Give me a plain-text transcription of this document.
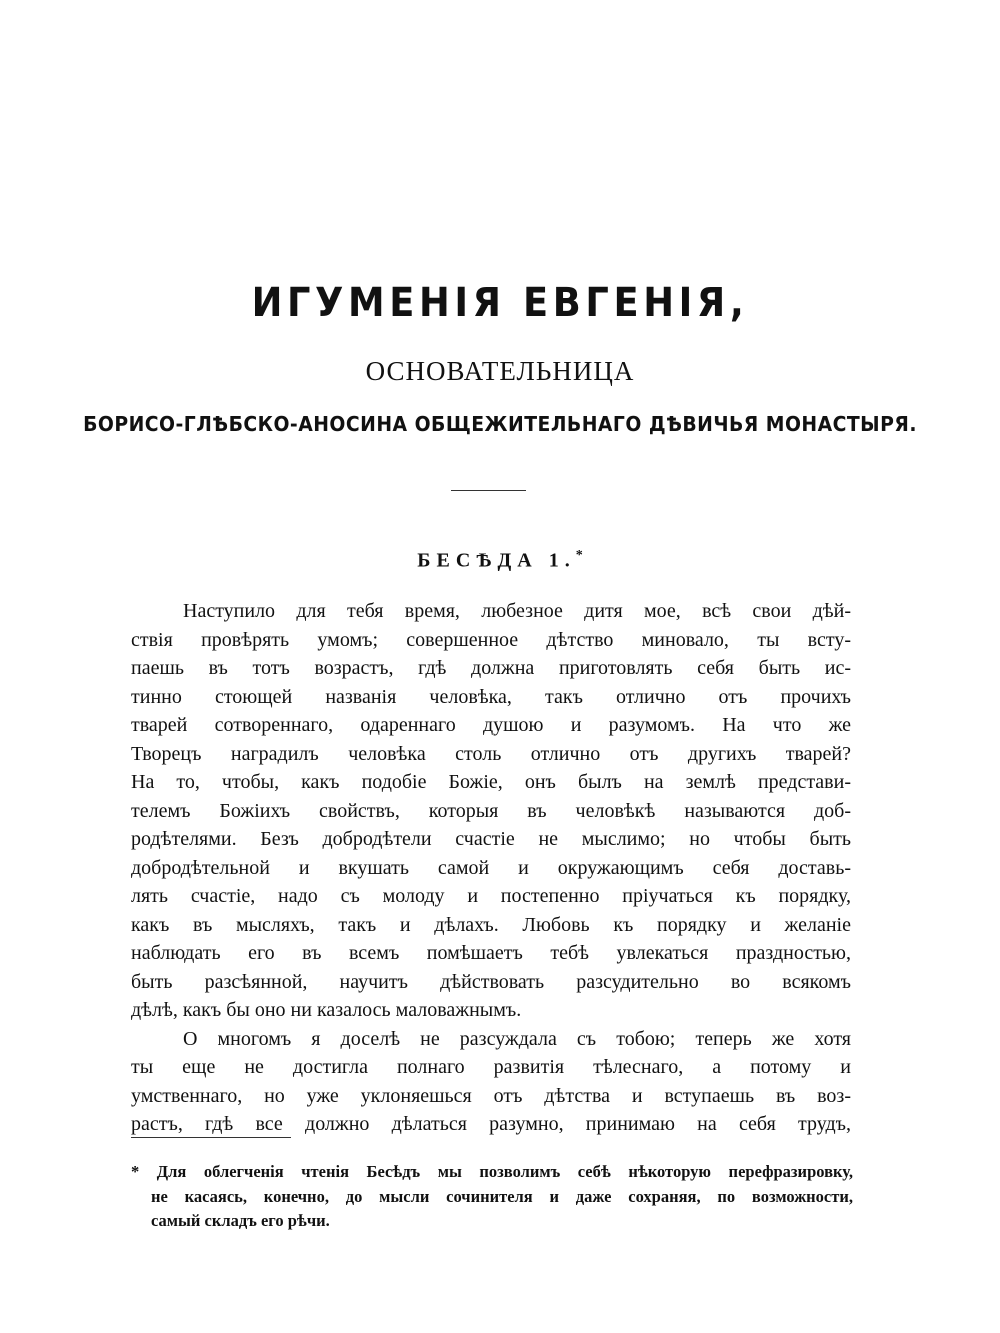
ИГУМЕНІЯ ЕВГЕНІЯ,
ОСНОВАТЕЛЬНИЦА
БОРИСО-ГЛѢБСКО-АНОСИНА ОБЩЕЖИТЕЛЬНАГО ДѢВИЧЬЯ МОНАСТЫРЯ.
БЕСѢДА 1.*
Наступило для тебя время, любезное дитя мое, всѣ свои дѣй-
ствія провѣрять умомъ; совершенное дѣтство миновало, ты всту-
паешь въ тотъ возрастъ, гдѣ должна приготовлять себя быть ис-
тинно стоющей названія человѣка, такъ отлично отъ прочихъ
тварей сотвореннаго, одареннаго душою и разумомъ. На что же
Творецъ наградилъ человѣка столь отлично отъ другихъ тварей?
На то, чтобы, какъ подобіе Божіе, онъ былъ на землѣ представи-
телемъ Божіихъ свойствъ, которыя въ человѣкѣ называются доб-
родѣтелями. Безъ добродѣтели счастіе не мыслимо; но чтобы быть
добродѣтельной и вкушать самой и окружающимъ себя доставь-
лять счастіе, надо съ молоду и постепенно пріучаться къ порядку,
какъ въ мысляхъ, такъ и дѣлахъ. Любовь къ порядку и желаніе
наблюдать его въ всемъ помѣшаетъ тебѣ увлекаться праздностью,
быть разсѣянной, научитъ дѣйствовать разсудительно во всякомъ
дѣлѣ, какъ бы оно ни казалось маловажнымъ.
О многомъ я доселѣ не разсуждала съ тобою; теперь же хотя
ты еще не достигла полнаго развитія тѣлеснаго, а потому и
умственнаго, но уже уклоняешься отъ дѣтства и вступаешь въ воз-
растъ, гдѣ все должно дѣлаться разумно, принимаю на себя трудъ,
* Для облегченія чтенія Бесѣдъ мы позволимъ себѣ нѣкоторую перефразировку,
не касаясь, конечно, до мысли сочинителя и даже сохраняя, по возможности,
самый складъ его рѣчи.
